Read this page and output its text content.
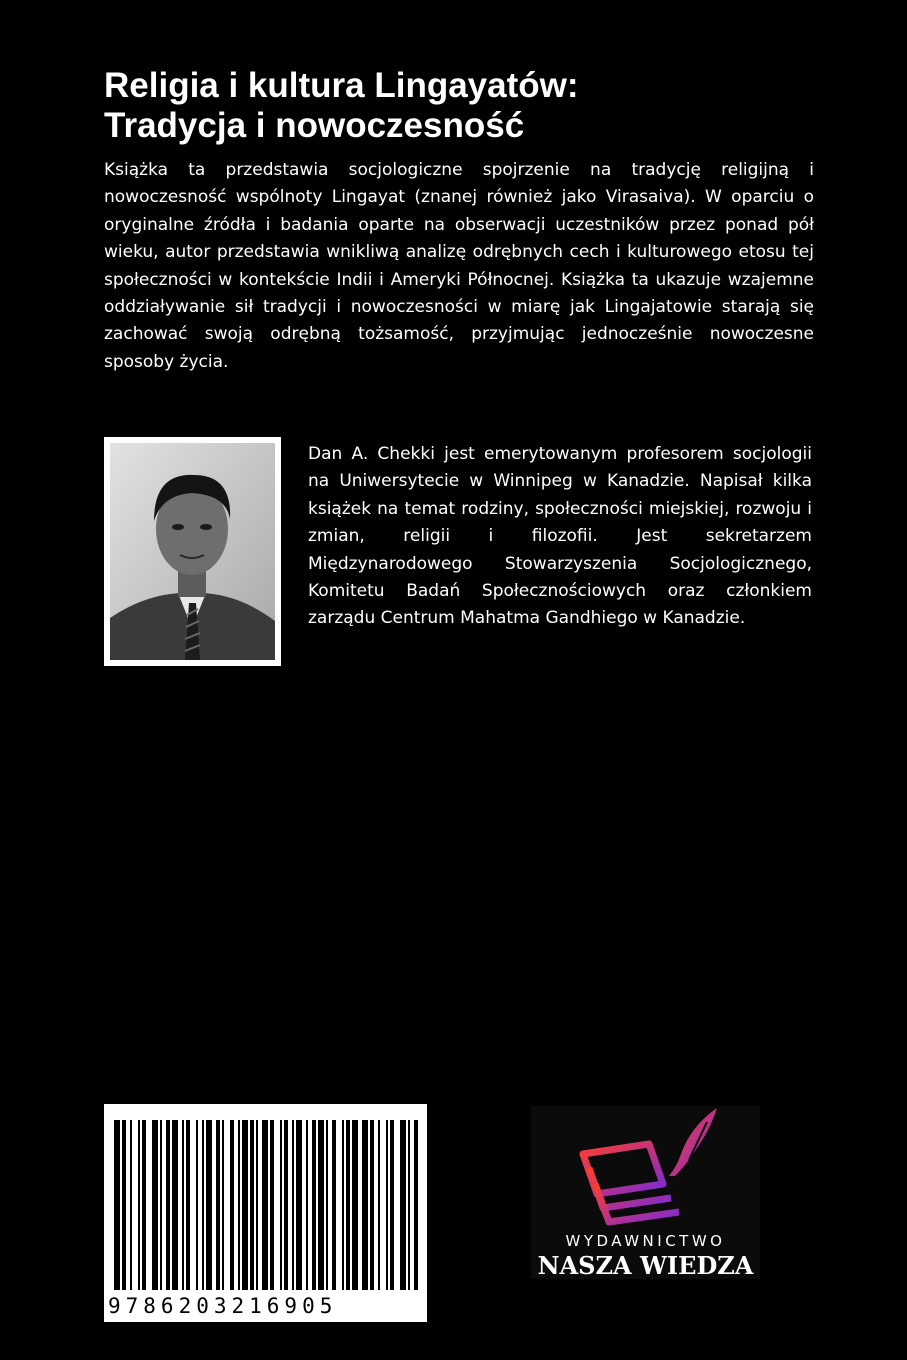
Religia i kultura Lingayatów:
Tradycja i nowoczesność

Książka ta przedstawia socjologiczne spojrzenie na tradycję religijną i nowoczesność wspólnoty Lingayat (znanej również jako Virasaiva). W oparciu o oryginalne źródła i badania oparte na obserwacji uczestników przez ponad pół wieku, autor przedstawia wnikliwą analizę odrębnych cech i kulturowego etosu tej społeczności w kontekście Indii i Ameryki Północnej. Książka ta ukazuje wzajemne oddziaływanie sił tradycji i nowoczesności w miarę jak Lingajatowie starają się zachować swoją odrębną tożsamość, przyjmując jednocześnie nowoczesne sposoby życia.

Dan A. Chekki jest emerytowanym profesorem socjologii na Uniwersytecie w Winnipeg w Kanadzie. Napisał kilka książek na temat rodziny, społeczności miejskiej, rozwoju i zmian, religii i filozofii. Jest sekretarzem Międzynarodowego Stowarzyszenia Socjologicznego, Komitetu Badań Społecznościowych oraz członkiem zarządu Centrum Mahatma Gandhiego w Kanadzie.

9786203216905
WYDAWNICTWO
NASZA WIEDZA
